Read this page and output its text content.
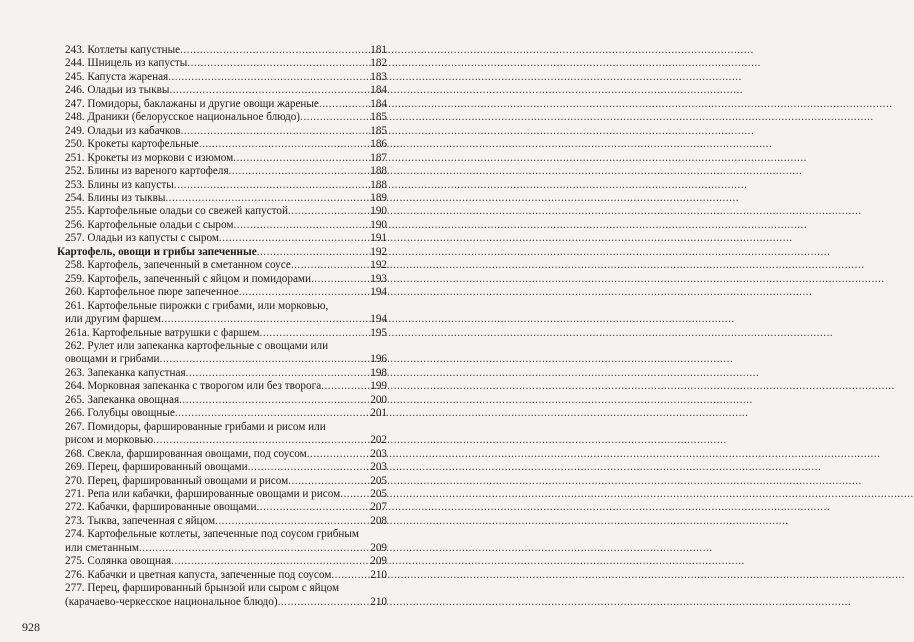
243. Котлеты капустные .....	181
244. Шницель из капусты .....	182
245. Капуста жареная .....	183
246. Оладьи из тыквы .....	184
247. Помидоры, баклажаны и другие овощи жареные .....	184
248. Драники (белорусское национальное блюдо) .....	185
249. Оладьи из кабачков .....	185
250. Крокеты картофельные .....	186
251. Крокеты из моркови с изюмом .....	187
252. Блины из вареного картофеля .....	188
253. Блины из капусты .....	188
254. Блины из тыквы .....	189
255. Картофельные оладьи со свежей капустой .....	190
256. Картофельные оладьи с сыром .....	190
257. Оладьи из капусты с сыром .....	191
Картофель, овощи и грибы запеченные .....	192
258. Картофель, запеченный в сметанном соусе .....	192
259. Картофель, запеченный с яйцом и помидорами .....	193
260. Картофельное пюре запеченное .....	194
261. Картофельные пирожки с грибами, или морковью,
или другим фаршем .....	194
261а. Картофельные ватрушки с фаршем .....	195
262. Рулет или запеканка картофельные с овощами или
овощами и грибами .....	196
263. Запеканка капустная .....	198
264. Морковная запеканка с творогом или без творога .....	199
265. Запеканка овощная .....	200
266. Голубцы овощные .....	201
267. Помидоры, фаршированные грибами и рисом или
рисом и морковью .....	202
268. Свекла, фаршированная овощами, под соусом .....	203
269. Перец, фаршированный овощами .....	203
270. Перец, фаршированный овощами и рисом .....	205
271. Репа или кабачки, фаршированные овощами и рисом .....	205
272. Кабачки, фаршированные овощами .....	207
273. Тыква, запеченная с яйцом .....	208
274. Картофельные котлеты, запеченные под соусом грибным
или сметанным .....	209
275. Солянка овощная .....	209
276. Кабачки и цветная капуста, запеченные под соусом .....	210
277. Перец, фаршированный брынзой или сыром с яйцом
(карачаево-черкесское национальное блюдо) .....	210
928
